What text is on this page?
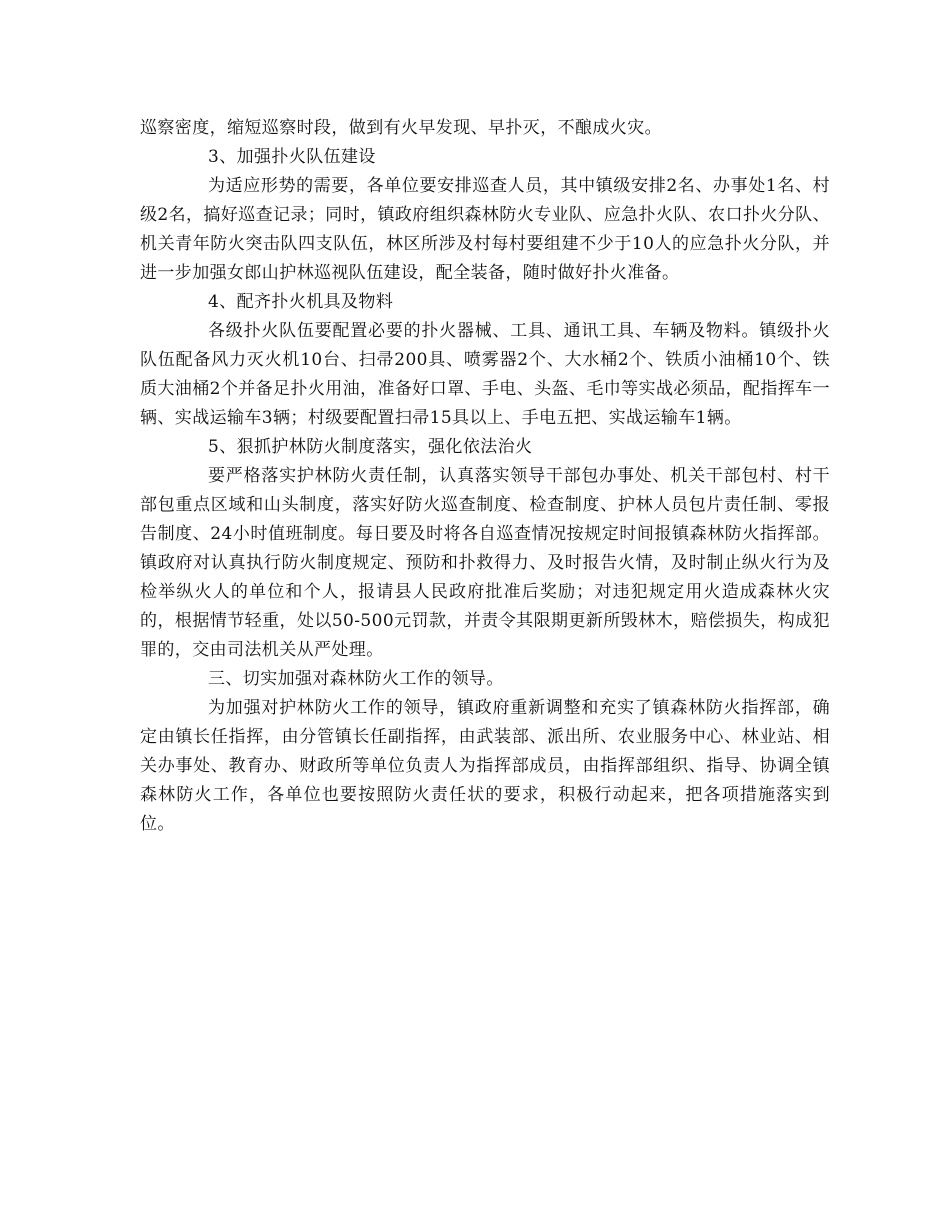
巡察密度，缩短巡察时段，做到有火早发现、早扑灭，不酿成火灾。

3、加强扑火队伍建设

为适应形势的需要，各单位要安排巡查人员，其中镇级安排2名、办事处1名、村级2名，搞好巡查记录；同时，镇政府组织森林防火专业队、应急扑火队、农口扑火分队、机关青年防火突击队四支队伍，林区所涉及村每村要组建不少于10人的应急扑火分队，并进一步加强女郎山护林巡视队伍建设，配全装备，随时做好扑火准备。

4、配齐扑火机具及物料

各级扑火队伍要配置必要的扑火器械、工具、通讯工具、车辆及物料。镇级扑火队伍配备风力灭火机10台、扫帚200具、喷雾器2个、大水桶2个、铁质小油桶10个、铁质大油桶2个并备足扑火用油，准备好口罩、手电、头盔、毛巾等实战必须品，配指挥车一辆、实战运输车3辆；村级要配置扫帚15具以上、手电五把、实战运输车1辆。

5、狠抓护林防火制度落实，强化依法治火

要严格落实护林防火责任制，认真落实领导干部包办事处、机关干部包村、村干部包重点区域和山头制度，落实好防火巡查制度、检查制度、护林人员包片责任制、零报告制度、24小时值班制度。每日要及时将各自巡查情况按规定时间报镇森林防火指挥部。镇政府对认真执行防火制度规定、预防和扑救得力、及时报告火情，及时制止纵火行为及检举纵火人的单位和个人，报请县人民政府批准后奖励；对违犯规定用火造成森林火灾的，根据情节轻重，处以50-500元罚款，并责令其限期更新所毁林木，赔偿损失，构成犯罪的，交由司法机关从严处理。

三、切实加强对森林防火工作的领导。

为加强对护林防火工作的领导，镇政府重新调整和充实了镇森林防火指挥部，确定由镇长任指挥，由分管镇长任副指挥，由武装部、派出所、农业服务中心、林业站、相关办事处、教育办、财政所等单位负责人为指挥部成员，由指挥部组织、指导、协调全镇森林防火工作，各单位也要按照防火责任状的要求，积极行动起来，把各项措施落实到位。
